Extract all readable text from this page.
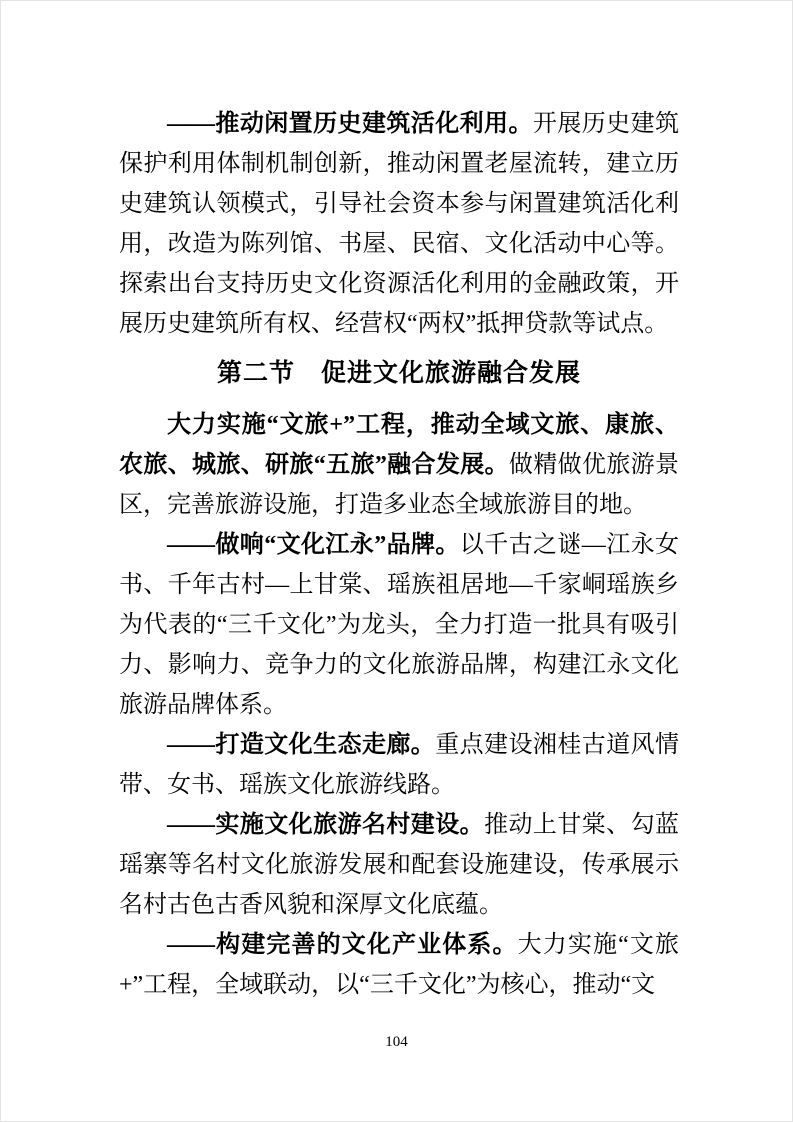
——推动闲置历史建筑活化利用。开展历史建筑保护利用体制机制创新，推动闲置老屋流转，建立历史建筑认领模式，引导社会资本参与闲置建筑活化利用，改造为陈列馆、书屋、民宿、文化活动中心等。探索出台支持历史文化资源活化利用的金融政策，开展历史建筑所有权、经营权“两权”抵押贷款等试点。

第二节　促进文化旅游融合发展

大力实施“文旅+”工程，推动全域文旅、康旅、农旅、城旅、研旅“五旅”融合发展。做精做优旅游景区，完善旅游设施，打造多业态全域旅游目的地。

——做响“文化江永”品牌。以千古之谜—江永女书、千年古村—上甘棠、瑶族祖居地—千家峒瑶族乡为代表的“三千文化”为龙头，全力打造一批具有吸引力、影响力、竞争力的文化旅游品牌，构建江永文化旅游品牌体系。

——打造文化生态走廊。重点建设湘桂古道风情带、女书、瑶族文化旅游线路。

——实施文化旅游名村建设。推动上甘棠、勾蓝瑶寨等名村文化旅游发展和配套设施建设，传承展示名村古色古香风貌和深厚文化底蕴。

——构建完善的文化产业体系。大力实施“文旅+”工程，全域联动，以“三千文化”为核心，推动“文

104
